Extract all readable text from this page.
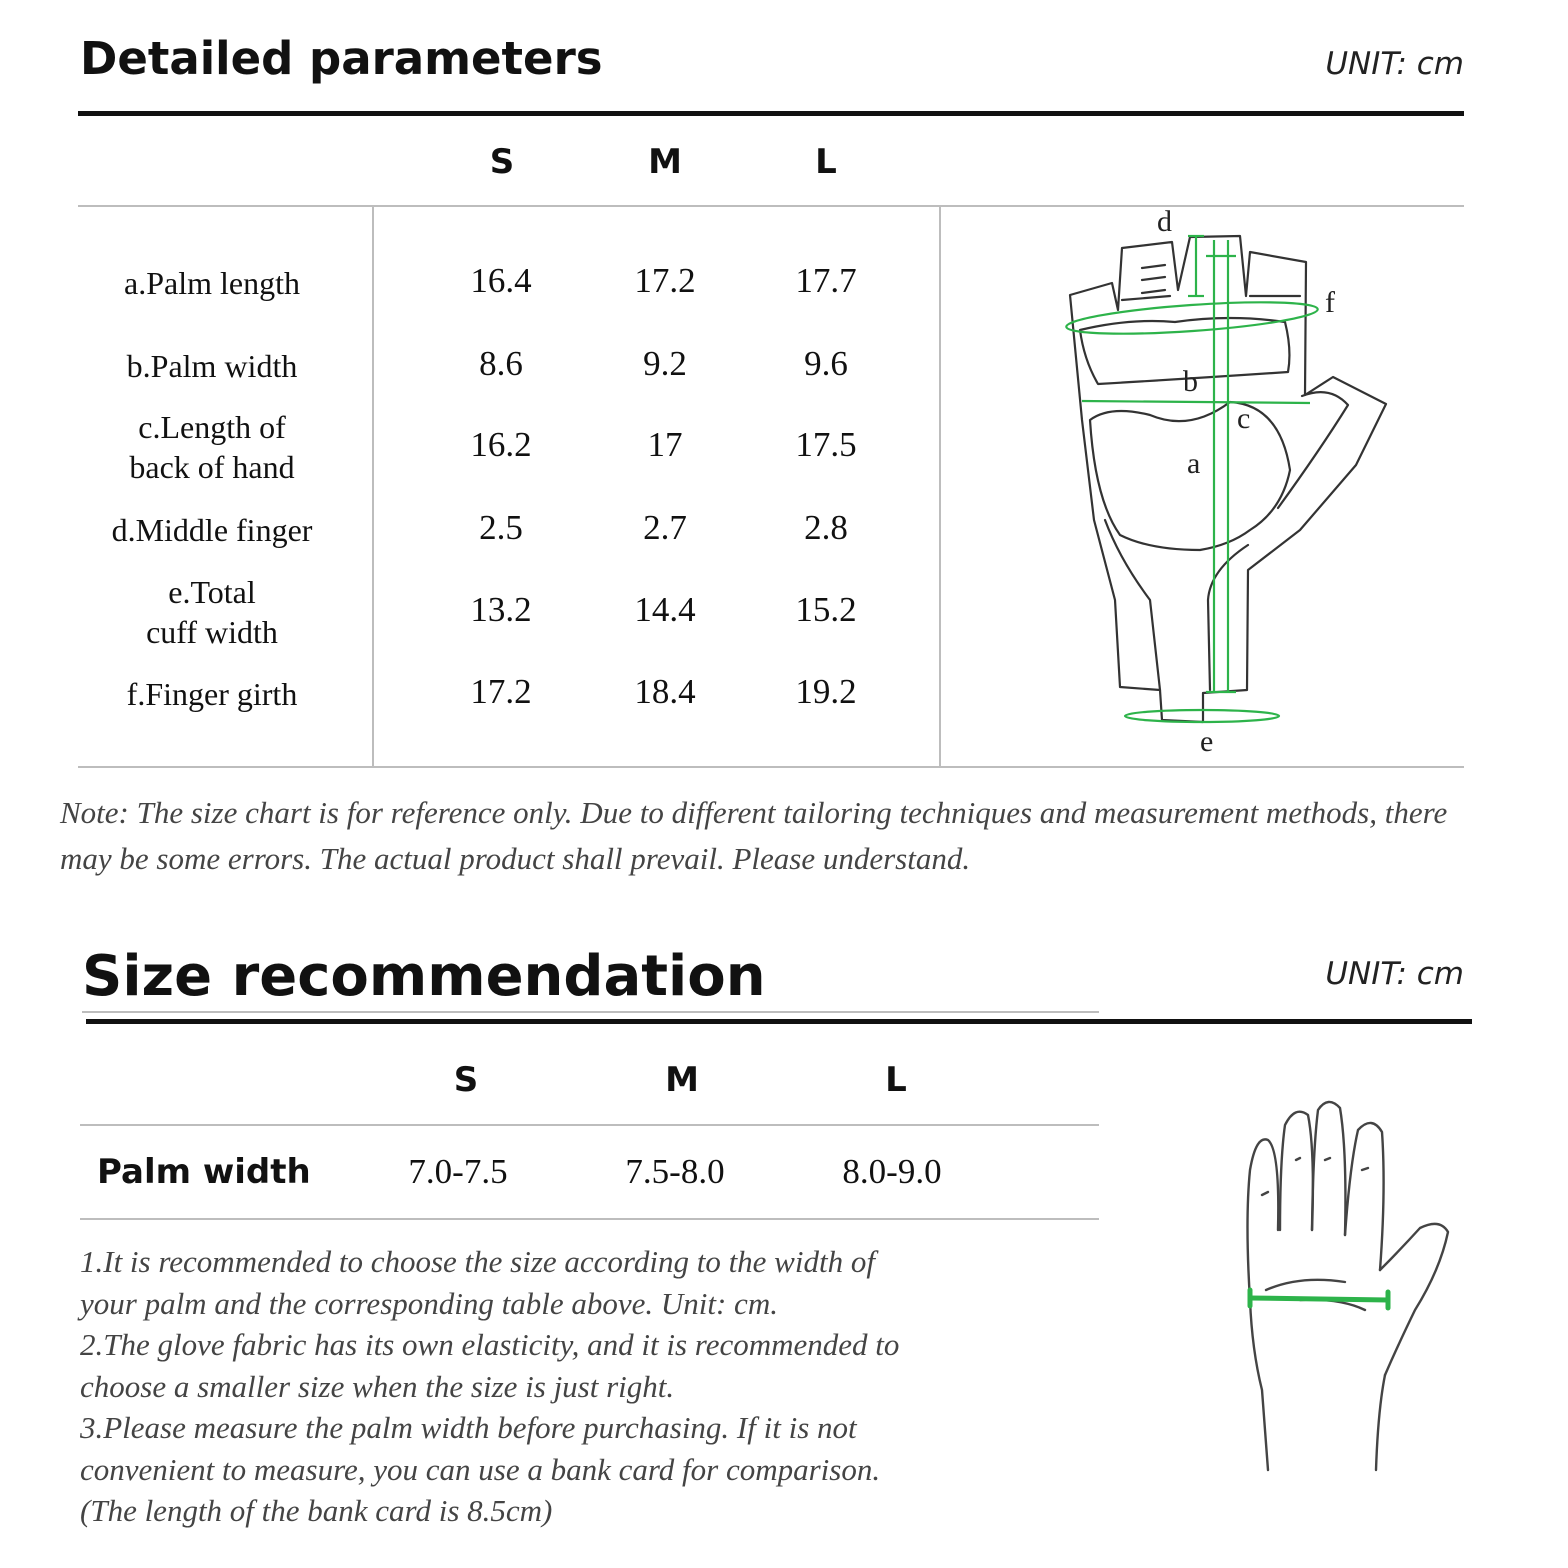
Detailed parameters	UNIT: cm
S	M	L
a.Palm length	16.4	17.2	17.7
b.Palm width	8.6	9.2	9.6
c.Length of
back of hand
16.2	17	17.5
d.Middle finger	2.5	2.7	2.8
e.Total
cuff width
13.2	14.4	15.2
f.Finger girth	17.2	18.4	19.2
d
f
b
c
a
e
Note: The size chart is for reference only. Due to different tailoring techniques and measurement methods, there may be some errors. The actual product shall prevail. Please understand.
Size recommendation	UNIT: cm
S	M	L
Palm width	7.0-7.5	7.5-8.0	8.0-9.0
1.It is recommended to choose the size according to the width of
your palm and the corresponding table above. Unit: cm.
2.The glove fabric has its own elasticity, and it is recommended to
choose a smaller size when the size is just right.
3.Please measure the palm width before purchasing. If it is not
convenient to measure, you can use a bank card for comparison.
(The length of the bank card is 8.5cm)
